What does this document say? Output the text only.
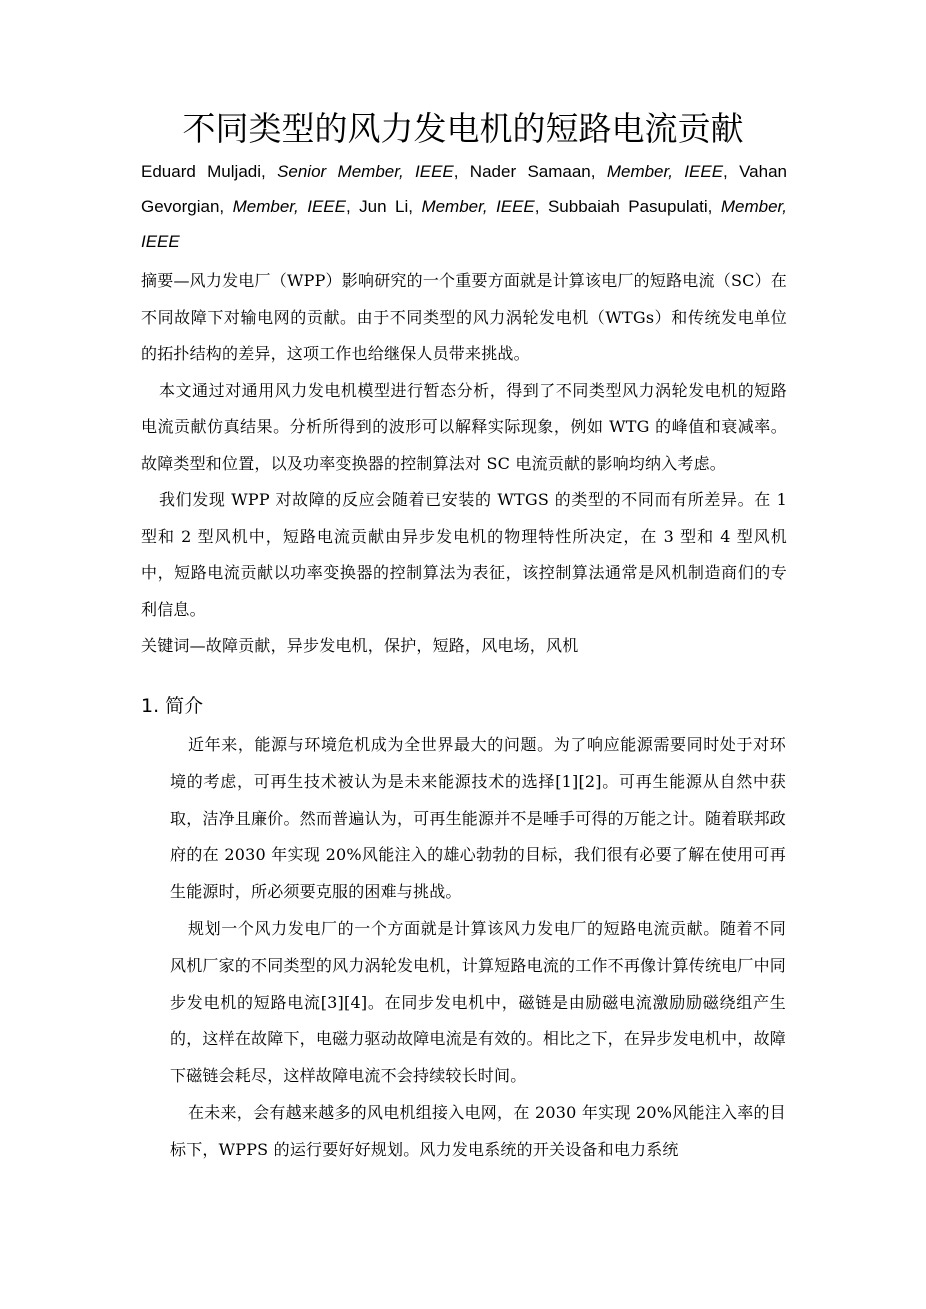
不同类型的风力发电机的短路电流贡献
Eduard Muljadi, Senior Member, IEEE, Nader Samaan, Member, IEEE, Vahan Gevorgian, Member, IEEE, Jun Li, Member, IEEE, Subbaiah Pasupulati, Member, IEEE

摘要—风力发电厂（WPP）影响研究的一个重要方面就是计算该电厂的短路电流（SC）在不同故障下对输电网的贡献。由于不同类型的风力涡轮发电机（WTGs）和传统发电单位的拓扑结构的差异，这项工作也给继保人员带来挑战。

本文通过对通用风力发电机模型进行暂态分析，得到了不同类型风力涡轮发电机的短路电流贡献仿真结果。分析所得到的波形可以解释实际现象，例如 WTG 的峰值和衰减率。故障类型和位置，以及功率变换器的控制算法对 SC 电流贡献的影响均纳入考虑。

我们发现 WPP 对故障的反应会随着已安装的 WTGS 的类型的不同而有所差异。在 1 型和 2 型风机中，短路电流贡献由异步发电机的物理特性所决定，在 3 型和 4 型风机中，短路电流贡献以功率变换器的控制算法为表征，该控制算法通常是风机制造商们的专利信息。

关键词—故障贡献，异步发电机，保护，短路，风电场，风机

1. 简介

近年来，能源与环境危机成为全世界最大的问题。为了响应能源需要同时处于对环境的考虑，可再生技术被认为是未来能源技术的选择[1][2]。可再生能源从自然中获取，洁净且廉价。然而普遍认为，可再生能源并不是唾手可得的万能之计。随着联邦政府的在 2030 年实现 20%风能注入的雄心勃勃的目标，我们很有必要了解在使用可再生能源时，所必须要克服的困难与挑战。

规划一个风力发电厂的一个方面就是计算该风力发电厂的短路电流贡献。随着不同风机厂家的不同类型的风力涡轮发电机，计算短路电流的工作不再像计算传统电厂中同步发电机的短路电流[3][4]。在同步发电机中，磁链是由励磁电流激励励磁绕组产生的，这样在故障下，电磁力驱动故障电流是有效的。相比之下，在异步发电机中，故障下磁链会耗尽，这样故障电流不会持续较长时间。

在未来，会有越来越多的风电机组接入电网，在 2030 年实现 20%风能注入率的目标下，WPPS 的运行要好好规划。风力发电系统的开关设备和电力系统
